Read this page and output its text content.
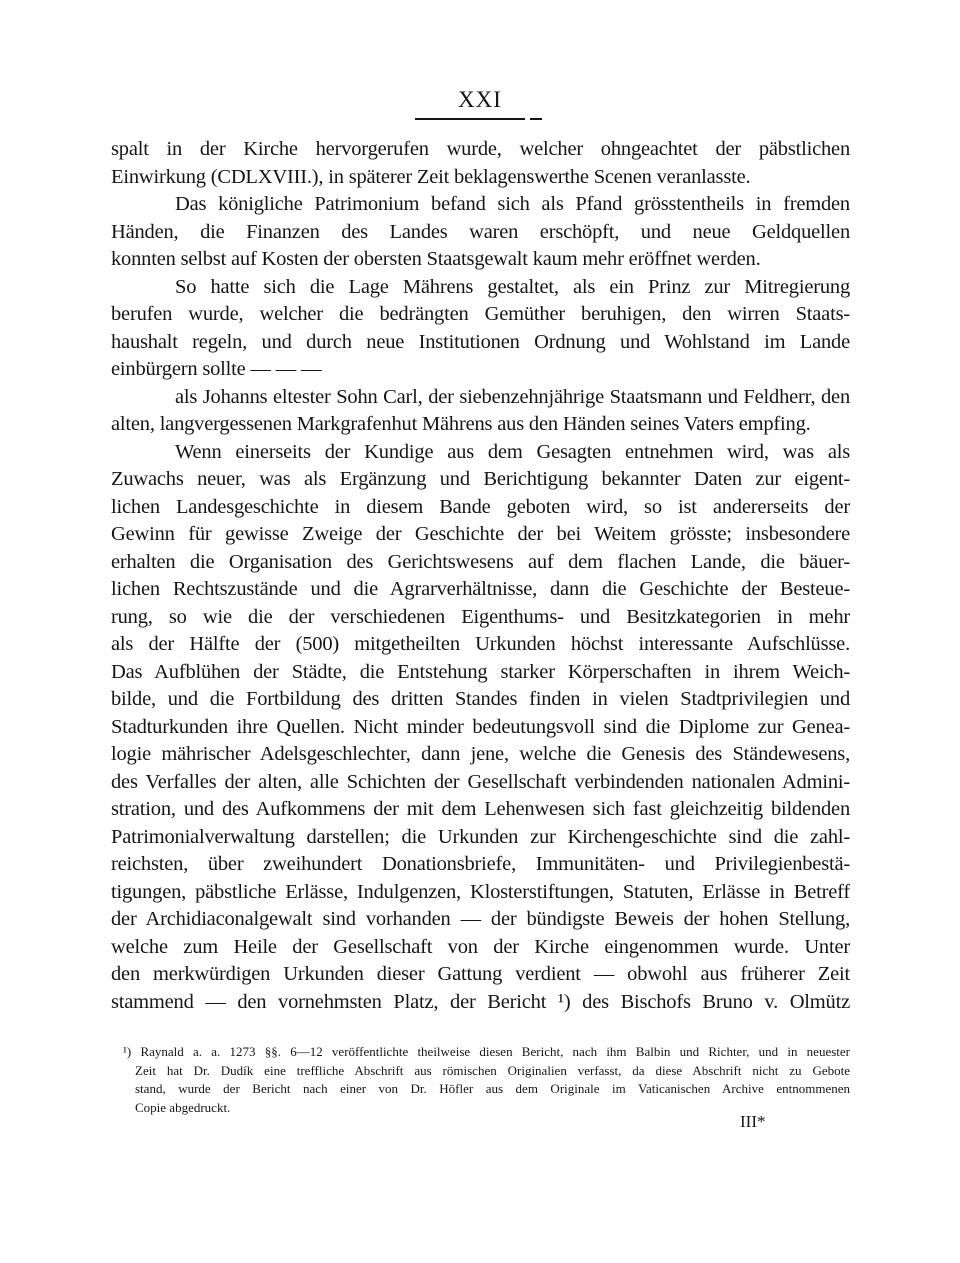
XXI
spalt in der Kirche hervorgerufen wurde, welcher ohngeachtet der päbstlichen
Einwirkung (CDLXVIII.), in späterer Zeit beklagenswerthe Scenen veranlasste.
Das königliche Patrimonium befand sich als Pfand grösstentheils in fremden
Händen, die Finanzen des Landes waren erschöpft, und neue Geldquellen
konnten selbst auf Kosten der obersten Staatsgewalt kaum mehr eröffnet werden.
So hatte sich die Lage Mährens gestaltet, als ein Prinz zur Mitregierung
berufen wurde, welcher die bedrängten Gemüther beruhigen, den wirren Staats-
haushalt regeln, und durch neue Institutionen Ordnung und Wohlstand im Lande
einbürgern sollte — — —
als Johanns eltester Sohn Carl, der siebenzehnjährige Staatsmann und Feldherr, den
alten, langvergessenen Markgrafenhut Mährens aus den Händen seines Vaters empfing.
Wenn einerseits der Kundige aus dem Gesagten entnehmen wird, was als
Zuwachs neuer, was als Ergänzung und Berichtigung bekannter Daten zur eigent-
lichen Landesgeschichte in diesem Bande geboten wird, so ist andererseits der
Gewinn für gewisse Zweige der Geschichte der bei Weitem grösste; insbesondere
erhalten die Organisation des Gerichtswesens auf dem flachen Lande, die bäuer-
lichen Rechtszustände und die Agrarverhältnisse, dann die Geschichte der Besteue-
rung, so wie die der verschiedenen Eigenthums- und Besitzkategorien in mehr
als der Hälfte der (500) mitgetheilten Urkunden höchst interessante Aufschlüsse.
Das Aufblühen der Städte, die Entstehung starker Körperschaften in ihrem Weich-
bilde, und die Fortbildung des dritten Standes finden in vielen Stadtprivilegien und
Stadturkunden ihre Quellen. Nicht minder bedeutungsvoll sind die Diplome zur Genea-
logie mährischer Adelsgeschlechter, dann jene, welche die Genesis des Ständewesens,
des Verfalles der alten, alle Schichten der Gesellschaft verbindenden nationalen Admini-
stration, und des Aufkommens der mit dem Lehenwesen sich fast gleichzeitig bildenden
Patrimonialverwaltung darstellen; die Urkunden zur Kirchengeschichte sind die zahl-
reichsten, über zweihundert Donationsbriefe, Immunitäten- und Privilegienbestä-
tigungen, päbstliche Erlässe, Indulgenzen, Klosterstiftungen, Statuten, Erlässe in Betreff
der Archidiaconalgewalt sind vorhanden — der bündigste Beweis der hohen Stellung,
welche zum Heile der Gesellschaft von der Kirche eingenommen wurde. Unter
den merkwürdigen Urkunden dieser Gattung verdient — obwohl aus früherer Zeit
stammend — den vornehmsten Platz, der Bericht ¹) des Bischofs Bruno v. Olmütz
¹) Raynald a. a. 1273 §§. 6—12 veröffentlichte theilweise diesen Bericht, nach ihm Balbin und Richter, und in neuester
Zeit hat Dr. Dudík eine treffliche Abschrift aus römischen Originalien verfasst, da diese Abschrift nicht zu Gebote
stand, wurde der Bericht nach einer von Dr. Höfler aus dem Originale im Vaticanischen Archive entnommenen
Copie abgedruckt.
III*
